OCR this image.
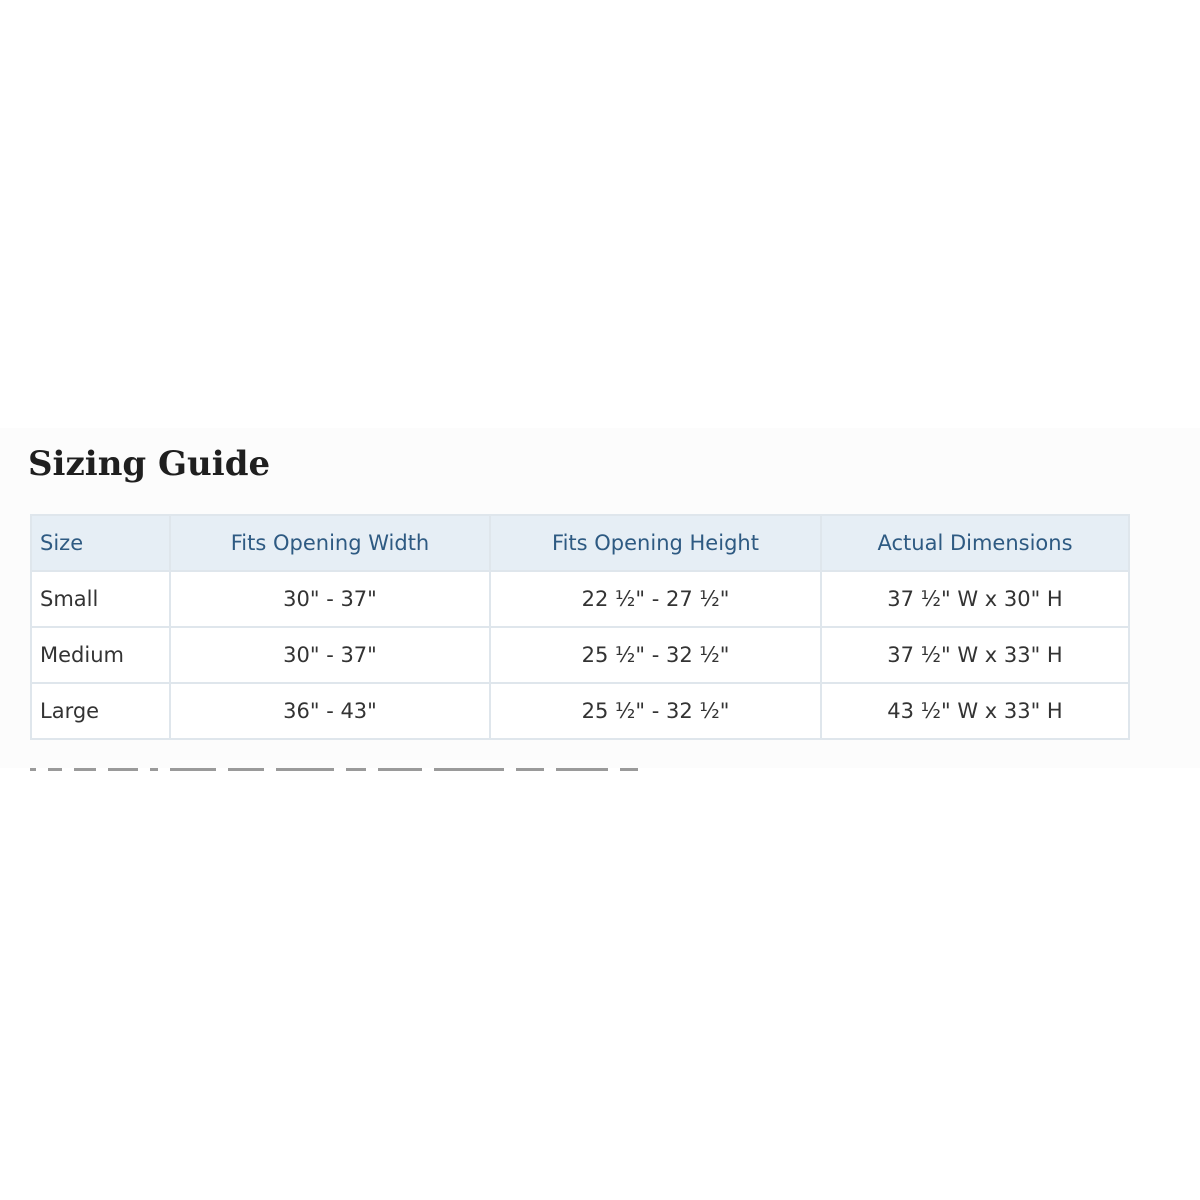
Sizing Guide
Size	Fits Opening Width	Fits Opening Height	Actual Dimensions
Small	30" - 37"	22 ½" - 27 ½"	37 ½" W x 30" H
Medium	30" - 37"	25 ½" - 32 ½"	37 ½" W x 33" H
Large	36" - 43"	25 ½" - 32 ½"	43 ½" W x 33" H
